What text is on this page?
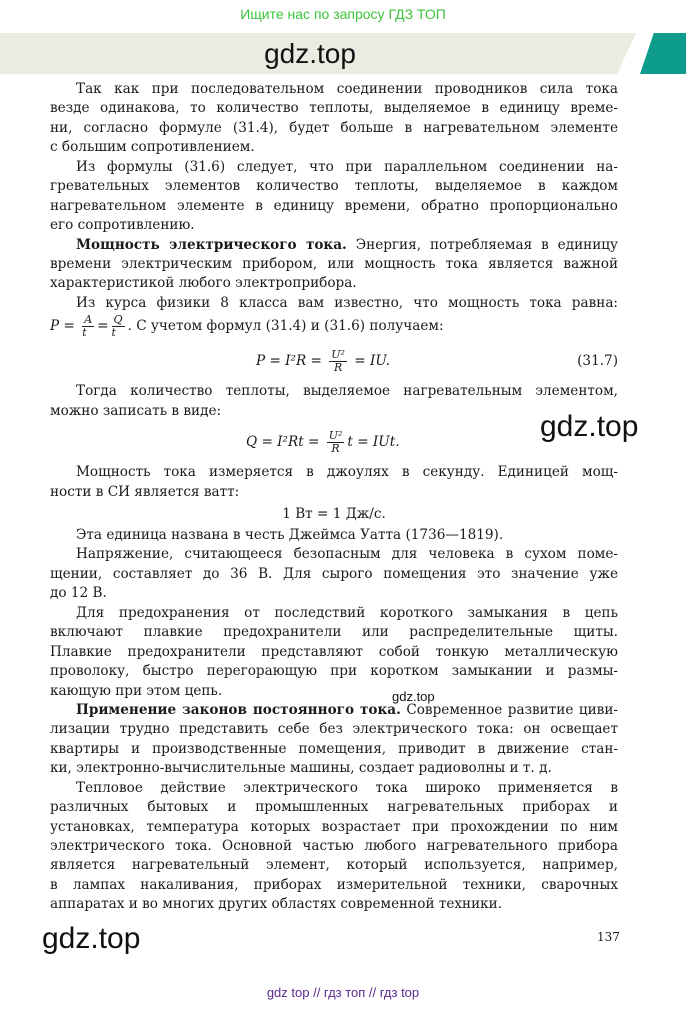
Ищите нас по запросу ГДЗ ТОП
gdz.top
Так как при последовательном соединении проводников сила тока
везде одинакова, то количество теплоты, выделяемое в единицу време-
ни, согласно формуле (31.4), будет больше в нагревательном элементе
с большим сопротивлением.
Из формулы (31.6) следует, что при параллельном соединении на-
гревательных элементов количество теплоты, выделяемое в каждом
нагревательном элементе в единицу времени, обратно пропорционально
его сопротивлению.
Мощность электрического тока. Энергия, потребляемая в единицу
времени электрическим прибором, или мощность тока является важной
характеристикой любого электроприбора.
Из курса физики 8 класса вам известно, что мощность тока равна:
$P = \frac{A}{t} = \frac{Q}{t}$ . С учетом формул (31.4) и (31.6) получаем:
$P = I^2R = \frac{\text{U²}}{R}$ = IU.	(31.7)
Тогда количество теплоты, выделяемое нагревательным элементом,
можно записать в виде:
$Q = I^2Rt = \frac{\text{U²}}{R}$ t = IUt.
Мощность тока измеряется в джоулях в секунду. Единицей мощ-
ности в СИ является ватт:
1 Вт = 1 Дж/с.
Эта единица названа в честь Джеймса Уатта (1736—1819).
Напряжение, считающееся безопасным для человека в сухом поме-
щении, составляет до 36 В. Для сырого помещения это значение уже
до 12 В.
Для предохранения от последствий короткого замыкания в цепь
включают плавкие предохранители или распределительные щиты.
Плавкие предохранители представляют собой тонкую металлическую
проволоку, быстро перегорающую при коротком замыкании и размы-
кающую при этом цепь.
Применение законов постоянного тока. Современное развитие циви-
лизации трудно представить себе без электрического тока: он освещает
квартиры и производственные помещения, приводит в движение стан-
ки, электронно-вычислительные машины, создает радиоволны и т. д.
Тепловое действие электрического тока широко применяется в
различных бытовых и промышленных нагревательных приборах и
установках, температура которых возрастает при прохождении по ним
электрического тока. Основной частью любого нагревательного прибора
является нагревательный элемент, который используется, например,
в лампах накаливания, приборах измерительной техники, сварочных
аппаратах и во многих других областях современной техники.
gdz.top
gdz.top
gdz.top	137
gdz top // гдз топ // гдз top
